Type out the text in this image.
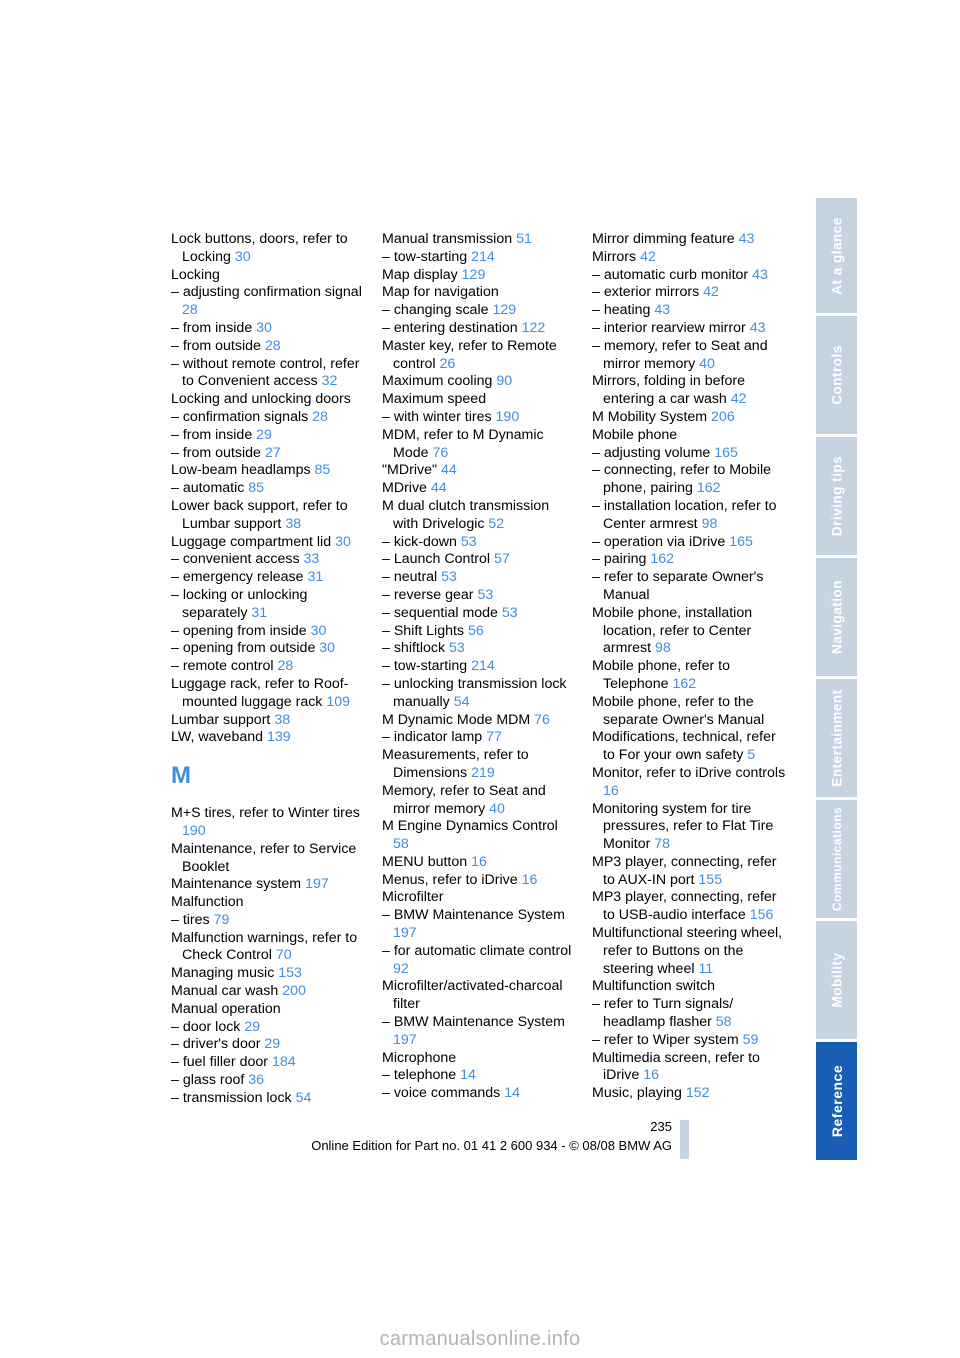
At a glance
Controls
Driving tips
Navigation
Entertainment
Communications
Mobility
Reference
Lock buttons, doors, refer to Locking 30
Locking
– adjusting confirmation signal 28
– from inside 30
– from outside 28
– without remote control, refer to Convenient access 32
Locking and unlocking doors
– confirmation signals 28
– from inside 29
– from outside 27
Low-beam headlamps 85
– automatic 85
Lower back support, refer to Lumbar support 38
Luggage compartment lid 30
– convenient access 33
– emergency release 31
– locking or unlocking separately 31
– opening from inside 30
– opening from outside 30
– remote control 28
Luggage rack, refer to Roof-mounted luggage rack 109
Lumbar support 38
LW, waveband 139
M
M+S tires, refer to Winter tires 190
Maintenance, refer to Service Booklet
Maintenance system 197
Malfunction
– tires 79
Malfunction warnings, refer to Check Control 70
Managing music 153
Manual car wash 200
Manual operation
– door lock 29
– driver's door 29
– fuel filler door 184
– glass roof 36
– transmission lock 54
Manual transmission 51
– tow-starting 214
Map display 129
Map for navigation
– changing scale 129
– entering destination 122
Master key, refer to Remote control 26
Maximum cooling 90
Maximum speed
– with winter tires 190
MDM, refer to M Dynamic Mode 76
"MDrive" 44
MDrive 44
M dual clutch transmission with Drivelogic 52
– kick-down 53
– Launch Control 57
– neutral 53
– reverse gear 53
– sequential mode 53
– Shift Lights 56
– shiftlock 53
– tow-starting 214
– unlocking transmission lock manually 54
M Dynamic Mode MDM 76
– indicator lamp 77
Measurements, refer to Dimensions 219
Memory, refer to Seat and mirror memory 40
M Engine Dynamics Control 58
MENU button 16
Menus, refer to iDrive 16
Microfilter
– BMW Maintenance System 197
– for automatic climate control 92
Microfilter/activated-charcoal filter
– BMW Maintenance System 197
Microphone
– telephone 14
– voice commands 14
Mirror dimming feature 43
Mirrors 42
– automatic curb monitor 43
– exterior mirrors 42
– heating 43
– interior rearview mirror 43
– memory, refer to Seat and mirror memory 40
Mirrors, folding in before entering a car wash 42
M Mobility System 206
Mobile phone
– adjusting volume 165
– connecting, refer to Mobile phone, pairing 162
– installation location, refer to Center armrest 98
– operation via iDrive 165
– pairing 162
– refer to separate Owner's Manual
Mobile phone, installation location, refer to Center armrest 98
Mobile phone, refer to Telephone 162
Mobile phone, refer to the separate Owner's Manual
Modifications, technical, refer to For your own safety 5
Monitor, refer to iDrive controls 16
Monitoring system for tire pressures, refer to Flat Tire Monitor 78
MP3 player, connecting, refer to AUX-IN port 155
MP3 player, connecting, refer to USB-audio interface 156
Multifunctional steering wheel, refer to Buttons on the steering wheel 11
Multifunction switch
– refer to Turn signals/ headlamp flasher 58
– refer to Wiper system 59
Multimedia screen, refer to iDrive 16
Music, playing 152
235
Online Edition for Part no. 01 41 2 600 934 - © 08/08 BMW AG
carmanualsonline.info
